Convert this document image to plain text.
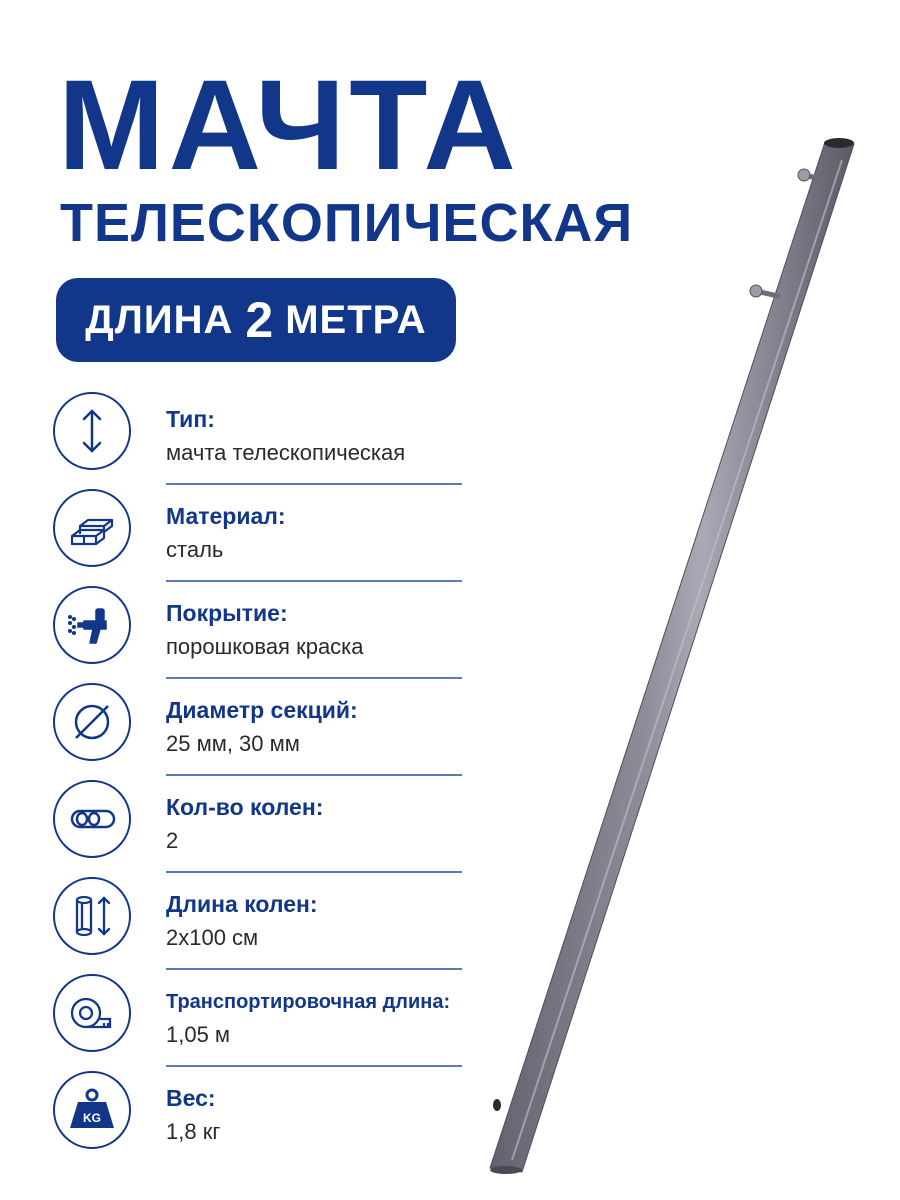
МАЧТА
ТЕЛЕСКОПИЧЕСКАЯ
ДЛИНА 2 МЕТРА
Тип:
мачта телескопическая
Материал:
сталь
Покрытие:
порошковая краска
Диаметр секций:
25 мм, 30 мм
Кол-во колен:
2
Длина колен:
2x100 см
Транспортировочная длина:
1,05 м
KG
Вес:
1,8 кг
